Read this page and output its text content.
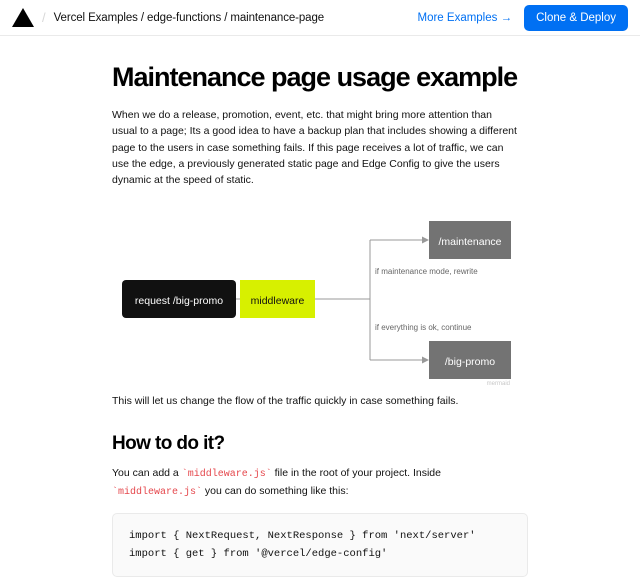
/ Vercel Examples / edge-functions / maintenance-page	More Examples →	Clone & Deploy
Maintenance page usage example

When we do a release, promotion, event, etc. that might bring more attention than usual to a page; Its a good idea to have a backup plan that includes showing a different page to the users in case something fails. If this page receives a lot of traffic, we can use the edge, a previously generated static page and Edge Config to give the users dynamic at the speed of static.

request /big-promo	middleware
/maintenance
/big-promo
if maintenance mode, rewrite
if everything is ok, continue
mermaid

This will let us change the flow of the traffic quickly in case something fails.

How to do it?

You can add a `middleware.js` file in the root of your project. Inside `middleware.js` you can do something like this:

import { NextRequest, NextResponse } from 'next/server'
import { get } from '@vercel/edge-config'
